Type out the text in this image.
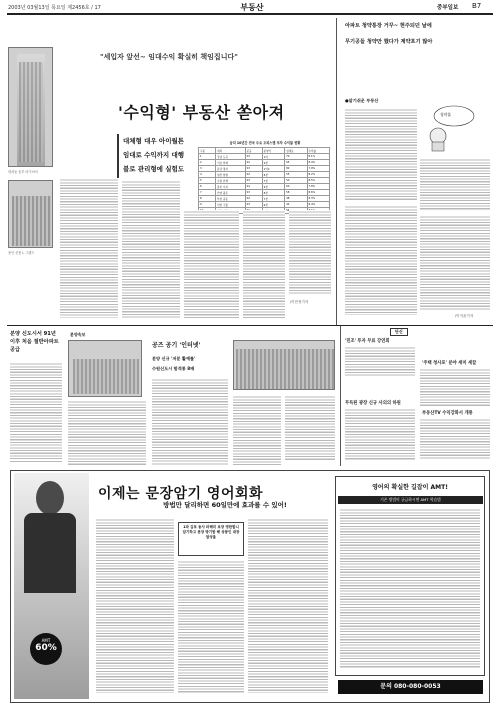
2003년 03월13일 목요일 제2456호 / 17	부동산	중부일보 B7
대치동 동부 마이씨어
용인 신봉 L 그랜드
"세입자 앞선~ 임대수익 확실히 책임집니다"
'수익형' 부동산 쏟아져
대체형 대우 아이월튼
임대로 수익까지 대행
블로 관리형에 실험도
금리 10년간 전국 주요 오피스텔 투자 수익률 현황
구분	위치	준공	분양가	임대료	수익률
1	강남 도곡	03	1억	70	8.1%
2	서초 양재	02	9천	65	8.4%
3	분당 정자	03	1억2	80	7.9%
4	일산 장항	02	8천	55	8.2%
5	수원 인계	03	7천	50	8.5%
6	용인 수지	04	9천	60	7.8%
7	안양 평촌	03	8천	58	8.6%
8	부천 중동	02	7천	48	8.3%
9	인천 구월	03	6천	42	8.4%
				54	
/이현정기자
아파트 청약통장 거꾸~ 현주되던 날에
무기공들 청약만 했다가 계약포기 많아
●알기쉬운 부동산
청약률
/이지윤기자
분양 신도시서 91년이후 처음 절반아파트 공급
분양속보
공즈 공기 '인터넷'
분양 신규 '저분 활예를'
수원신도시 합격통 8배
단신
'민조' 투자 무료 강연회
'주택 청사포' 분야 세미 세끌
무득된 광장 신규 사의의 하원
부동산TV 수익강화서 개통
AMT
60%
이제는 문장암기 영어회화
방법만 달리하면 60일만에 효과를 수 있어!
1파 김포 동사 파해미 보장 영한합니 암기하고 문장 방기함 해 상봉인 대장 달성율
영어의 확실한 길잡이 AMT!
기존 방법이 궁금하시면 AMT 학습법
문의 080-080-0053
